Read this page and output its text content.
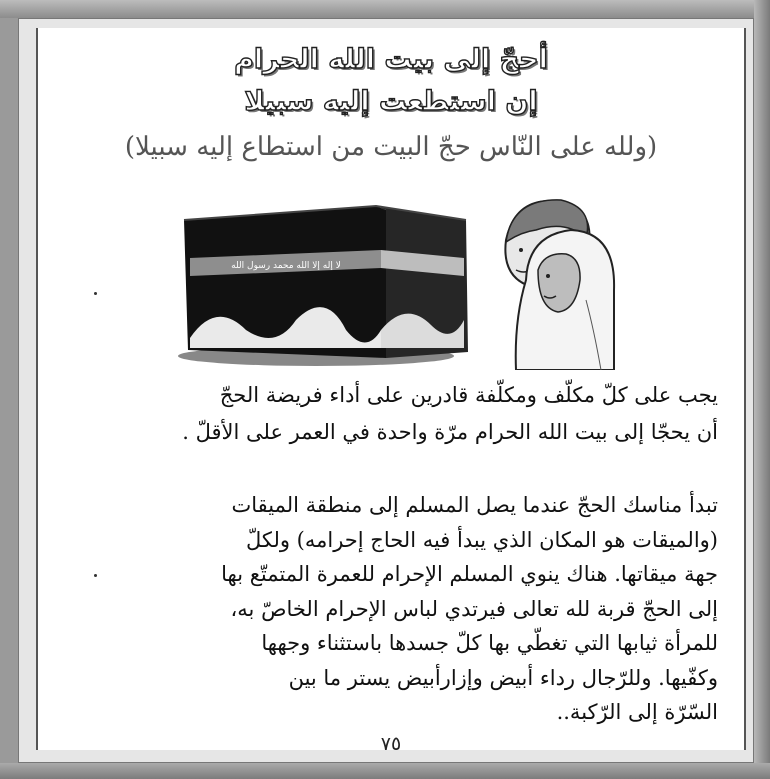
أحجّ إلى بيت الله الحرام
إن استطعت إليه سبيلا
(ولله على النّاس حجّ البيت من استطاع إليه سبيلا)
لا إله إلا الله محمد رسول الله
يجب على كلّ مكلّف ومكلّفة قادرين على أداء فريضة الحجّ
أن يحجّا إلى بيت الله الحرام مرّة واحدة في العمر على الأقلّ .
تبدأ مناسك الحجّ عندما يصل المسلم إلى منطقة الميقات
(والميقات هو المكان الذي يبدأ فيه الحاج إحرامه) ولكلّ
جهة ميقاتها. هناك ينوي المسلم الإحرام للعمرة المتمتّع بها
إلى الحجّ قربة لله تعالى فيرتدي لباس الإحرام الخاصّ به،
للمرأة ثيابها التي تغطّي بها كلّ جسدها باستثناء وجهها
وكفّيها. وللرّجال رداء أبيض وإزارأبيض يستر ما بين
السّرّة إلى الرّكبة..
٧٥
